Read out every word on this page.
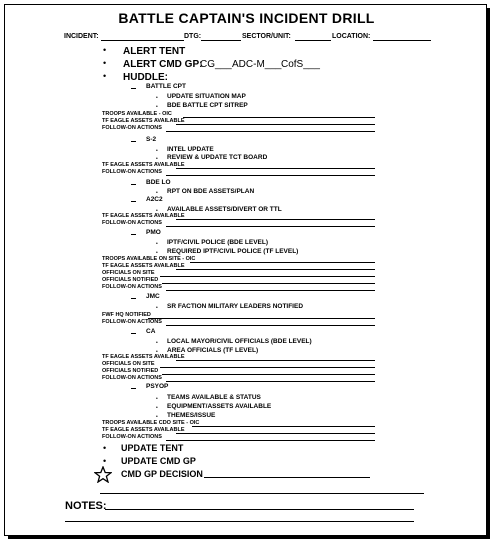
BATTLE CAPTAIN'S INCIDENT DRILL
INCIDENT:	DTG:	SECTOR/UNIT:	LOCATION:
• ALERT TENT
• ALERT CMD GP:
CG___ ADC-M___ CofS___
• HUDDLE:
BATTLE CPT
• UPDATE SITUATION MAP
• BDE BATTLE CPT SITREP
TROOPS AVAILABLE - OIC
TF EAGLE ASSETS AVAILABLE
FOLLOW-ON ACTIONS
S-2
• INTEL UPDATE
• REVIEW & UPDATE TCT BOARD
TF EAGLE ASSETS AVAILABLE
FOLLOW-ON ACTIONS
BDE LO
• RPT ON BDE ASSETS/PLAN
A2C2
• AVAILABLE ASSETS/DIVERT OR TTL
TF EAGLE ASSETS AVAILABLE
FOLLOW-ON ACTIONS
PMO
• IPTF/CIVIL POLICE (BDE LEVEL)
• REQUIRED IPTF/CIVIL POLICE (TF LEVEL)
TROOPS AVAILABLE ON SITE - OIC
TF EAGLE ASSETS AVAILABLE
OFFICIALS ON SITE
OFFICIALS NOTIFIED
FOLLOW-ON ACTIONS
JMC
• SR FACTION MILITARY LEADERS NOTIFIED
FWF HQ NOTIFIED
FOLLOW-ON ACTIONS
CA
• LOCAL MAYOR/CIVIL OFFICIALS (BDE LEVEL)
• AREA OFFICIALS (TF LEVEL)
TF EAGLE ASSETS AVAILABLE
OFFICIALS ON SITE
OFFICIALS NOTIFIED
FOLLOW-ON ACTIONS
PSYOP
• TEAMS AVAILABLE & STATUS
• EQUIPMENT/ASSETS AVAILABLE
• THEMES/ISSUE
TROOPS AVAILABLE CDO SITE - OIC
TF EAGLE ASSETS AVAILABLE
FOLLOW-ON ACTIONS
• UPDATE TENT
• UPDATE CMD GP
CMD GP DECISION
NOTES:
